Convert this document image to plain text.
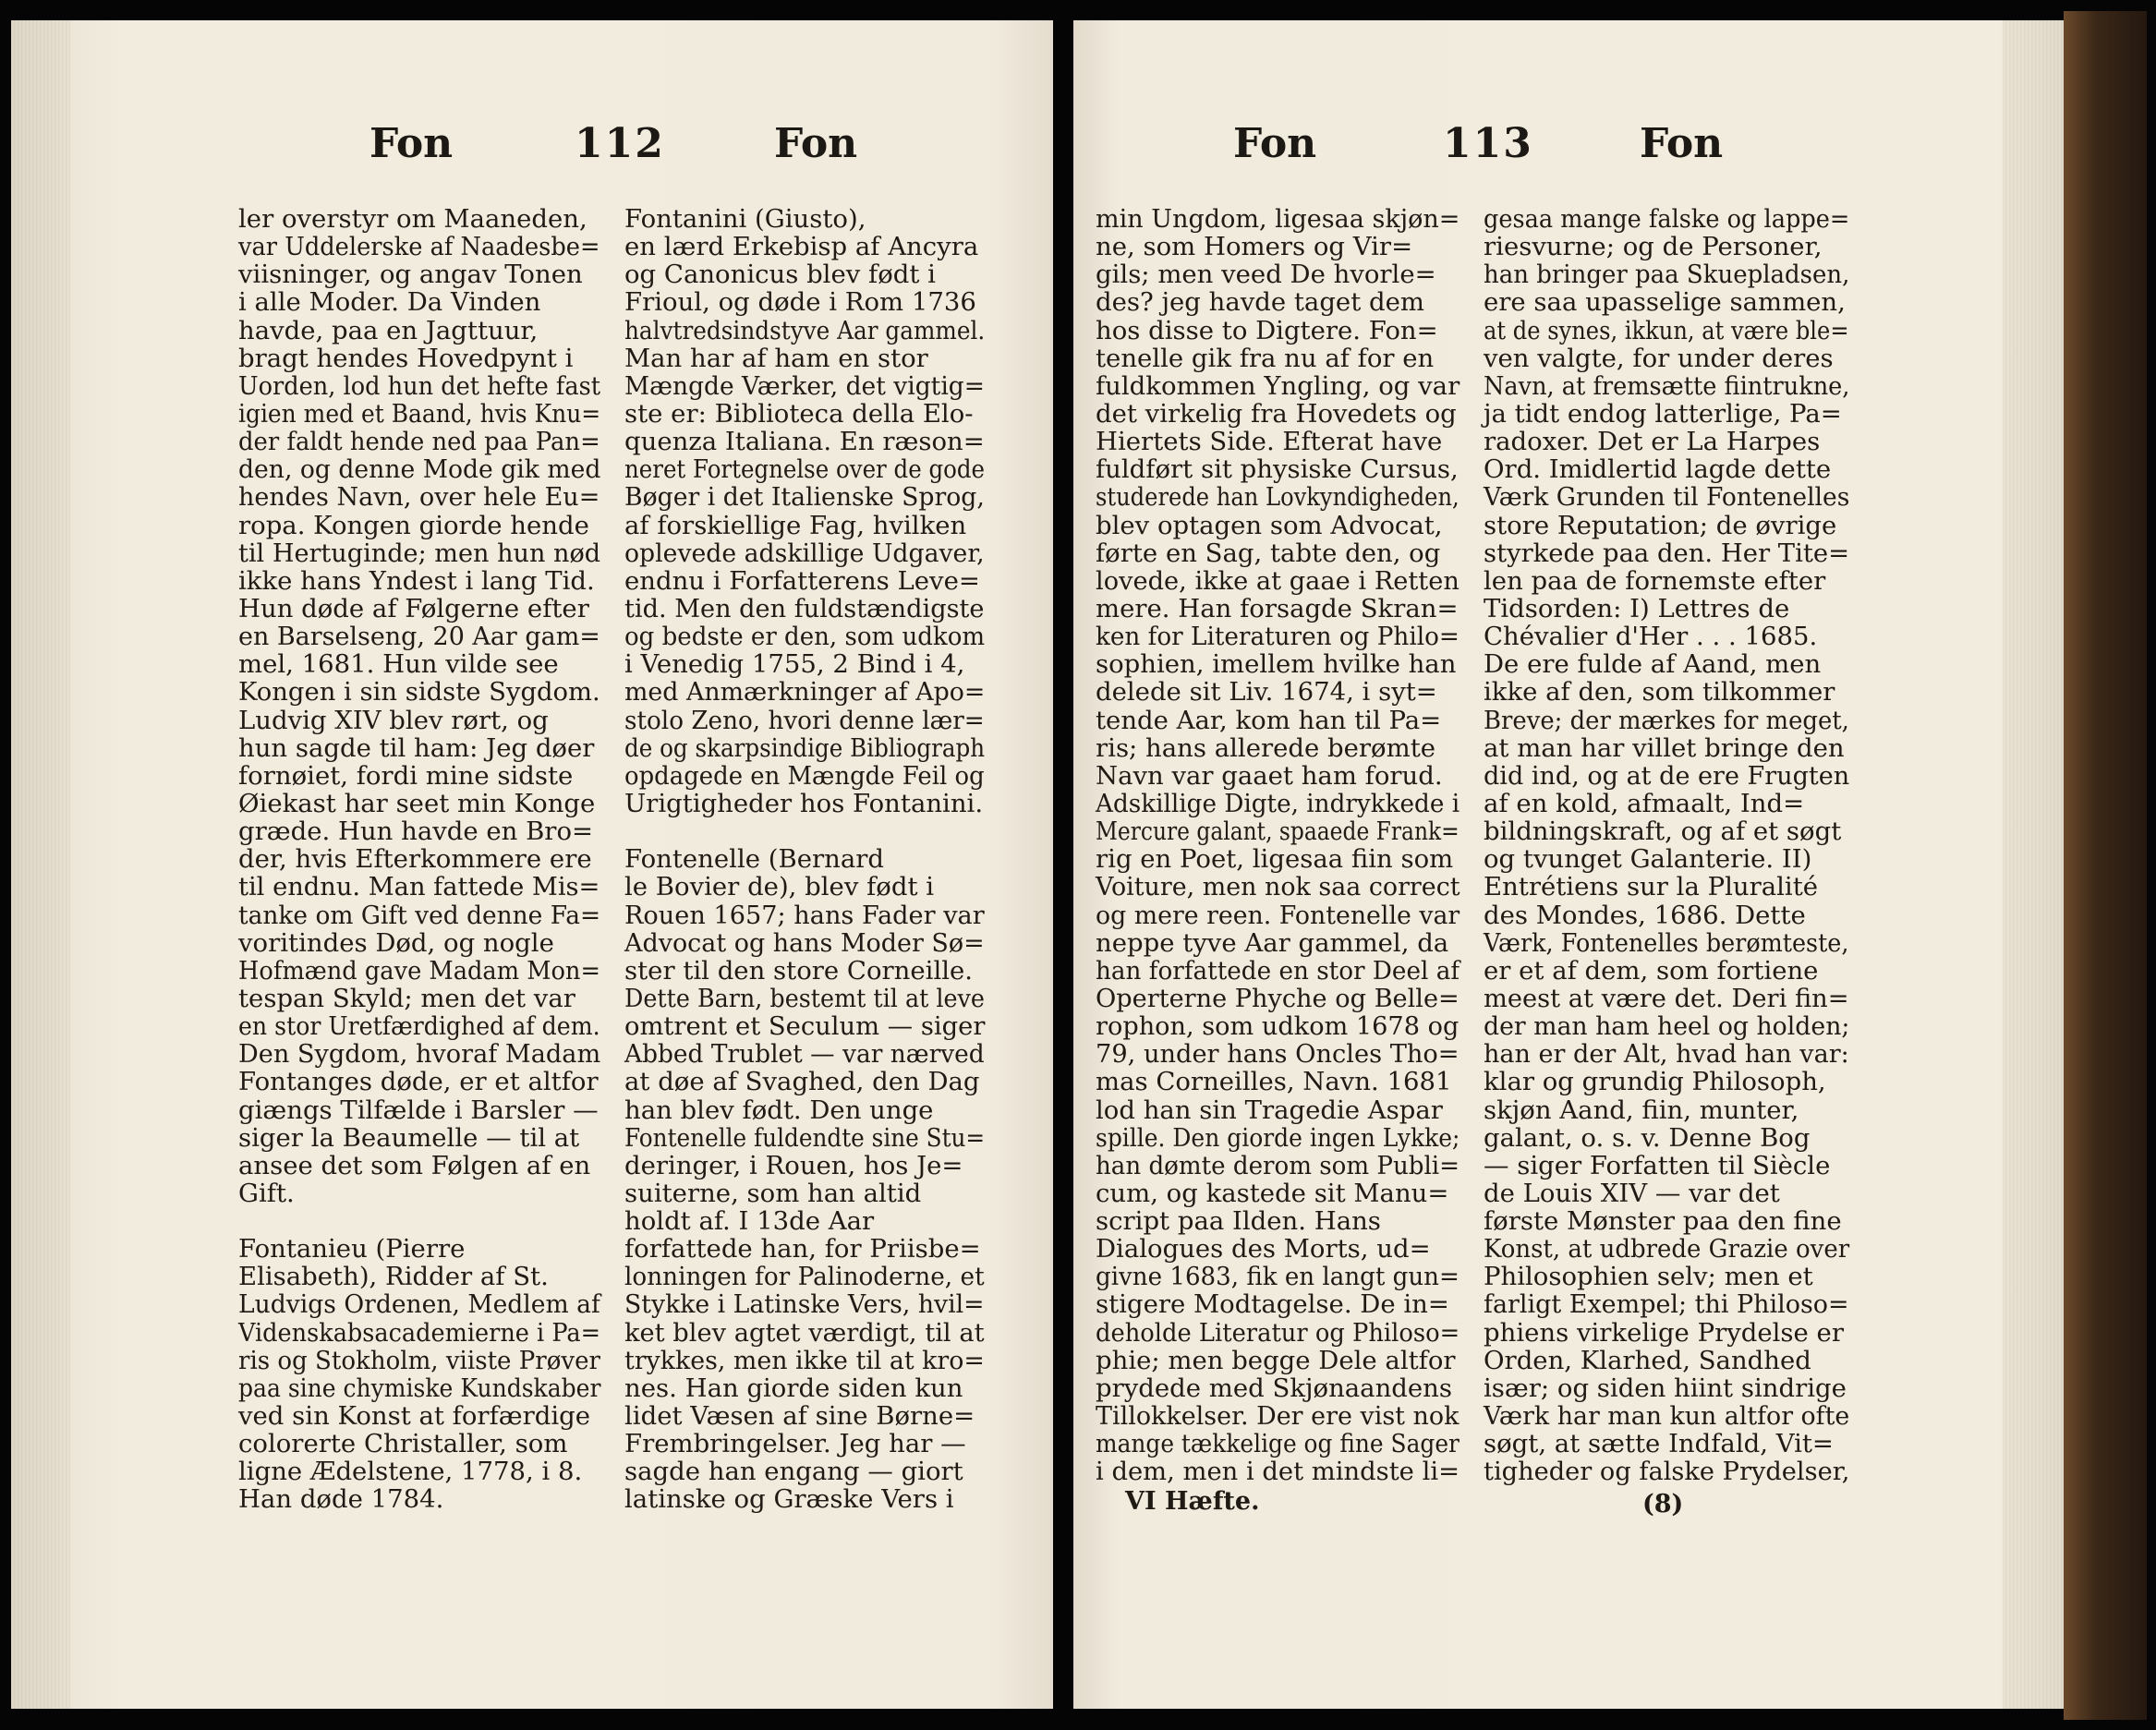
Fon	112	Fon	Fon	113	Fon
ler overstyr om Maaneden,
var Uddelerske af Naadesbe=
viisninger, og angav Tonen
i alle Moder. Da Vinden
havde, paa en Jagttuur,
bragt hendes Hovedpynt i
Uorden, lod hun det hefte fast
igien med et Baand, hvis Knu=
der faldt hende ned paa Pan=
den, og denne Mode gik med
hendes Navn, over hele Eu=
ropa. Kongen giorde hende
til Hertuginde; men hun nød
ikke hans Yndest i lang Tid.
Hun døde af Følgerne efter
en Barselseng, 20 Aar gam=
mel, 1681. Hun vilde see
Kongen i sin sidste Sygdom.
Ludvig XIV blev rørt, og
hun sagde til ham: Jeg døer
fornøiet, fordi mine sidste
Øiekast har seet min Konge
græde. Hun havde en Bro=
der, hvis Efterkommere ere
til endnu. Man fattede Mis=
tanke om Gift ved denne Fa=
voritindes Død, og nogle
Hofmænd gave Madam Mon=
tespan Skyld; men det var
en stor Uretfærdighed af dem.
Den Sygdom, hvoraf Madam
Fontanges døde, er et altfor
giængs Tilfælde i Barsler —
siger la Beaumelle — til at
ansee det som Følgen af en
Gift.
Fontanieu (Pierre
Elisabeth), Ridder af St.
Ludvigs Ordenen, Medlem af
Videnskabsacademierne i Pa=
ris og Stokholm, viiste Prøver
paa sine chymiske Kundskaber
ved sin Konst at forfærdige
colorerte Christaller, som
ligne Ædelstene, 1778, i 8.
Han døde 1784.
Fontanini (Giusto),
en lærd Erkebisp af Ancyra
og Canonicus blev født i
Frioul, og døde i Rom 1736
halvtredsindstyve Aar gammel.
Man har af ham en stor
Mængde Værker, det vigtig=
ste er: Biblioteca della Elo-
quenza Italiana. En ræson=
neret Fortegnelse over de gode
Bøger i det Italienske Sprog,
af forskiellige Fag, hvilken
oplevede adskillige Udgaver,
endnu i Forfatterens Leve=
tid. Men den fuldstændigste
og bedste er den, som udkom
i Venedig 1755, 2 Bind i 4,
med Anmærkninger af Apo=
stolo Zeno, hvori denne lær=
de og skarpsindige Bibliograph
opdagede en Mængde Feil og
Urigtigheder hos Fontanini.
Fontenelle (Bernard
le Bovier de), blev født i
Rouen 1657; hans Fader var
Advocat og hans Moder Sø=
ster til den store Corneille.
Dette Barn, bestemt til at leve
omtrent et Seculum — siger
Abbed Trublet — var nærved
at døe af Svaghed, den Dag
han blev født. Den unge
Fontenelle fuldendte sine Stu=
deringer, i Rouen, hos Je=
suiterne, som han altid
holdt af. I 13de Aar
forfattede han, for Priisbe=
lonningen for Palinoderne, et
Stykke i Latinske Vers, hvil=
ket blev agtet værdigt, til at
trykkes, men ikke til at kro=
nes. Han giorde siden kun
lidet Væsen af sine Børne=
Frembringelser. Jeg har —
sagde han engang — giort
latinske og Græske Vers i
min Ungdom, ligesaa skjøn=
ne, som Homers og Vir=
gils; men veed De hvorle=
des? jeg havde taget dem
hos disse to Digtere. Fon=
tenelle gik fra nu af for en
fuldkommen Yngling, og var
det virkelig fra Hovedets og
Hiertets Side. Efterat have
fuldført sit physiske Cursus,
studerede han Lovkyndigheden,
blev optagen som Advocat,
førte en Sag, tabte den, og
lovede, ikke at gaae i Retten
mere. Han forsagde Skran=
ken for Literaturen og Philo=
sophien, imellem hvilke han
delede sit Liv. 1674, i syt=
tende Aar, kom han til Pa=
ris; hans allerede berømte
Navn var gaaet ham forud.
Adskillige Digte, indrykkede i
Mercure galant, spaaede Frank=
rig en Poet, ligesaa fiin som
Voiture, men nok saa correct
og mere reen. Fontenelle var
neppe tyve Aar gammel, da
han forfattede en stor Deel af
Operterne Phyche og Belle=
rophon, som udkom 1678 og
79, under hans Oncles Tho=
mas Corneilles, Navn. 1681
lod han sin Tragedie Aspar
spille. Den giorde ingen Lykke;
han dømte derom som Publi=
cum, og kastede sit Manu=
script paa Ilden. Hans
Dialogues des Morts, ud=
givne 1683, fik en langt gun=
stigere Modtagelse. De in=
deholde Literatur og Philoso=
phie; men begge Dele altfor
prydede med Skjønaandens
Tillokkelser. Der ere vist nok
mange tækkelige og fine Sager
i dem, men i det mindste li=
gesaa mange falske og lappe=
riesvurne; og de Personer,
han bringer paa Skuepladsen,
ere saa upasselige sammen,
at de synes, ikkun, at være ble=
ven valgte, for under deres
Navn, at fremsætte fiintrukne,
ja tidt endog latterlige, Pa=
radoxer. Det er La Harpes
Ord. Imidlertid lagde dette
Værk Grunden til Fontenelles
store Reputation; de øvrige
styrkede paa den. Her Tite=
len paa de fornemste efter
Tidsorden: I) Lettres de
Chévalier d'Her . . . 1685.
De ere fulde af Aand, men
ikke af den, som tilkommer
Breve; der mærkes for meget,
at man har villet bringe den
did ind, og at de ere Frugten
af en kold, afmaalt, Ind=
bildningskraft, og af et søgt
og tvunget Galanterie. II)
Entrétiens sur la Pluralité
des Mondes, 1686. Dette
Værk, Fontenelles berømteste,
er et af dem, som fortiene
meest at være det. Deri fin=
der man ham heel og holden;
han er der Alt, hvad han var:
klar og grundig Philosoph,
skjøn Aand, fiin, munter,
galant, o. s. v. Denne Bog
— siger Forfatten til Siècle
de Louis XIV — var det
første Mønster paa den fine
Konst, at udbrede Grazie over
Philosophien selv; men et
farligt Exempel; thi Philoso=
phiens virkelige Prydelse er
Orden, Klarhed, Sandhed
især; og siden hiint sindrige
Værk har man kun altfor ofte
søgt, at sætte Indfald, Vit=
tigheder og falske Prydelser,
VI Hæfte.	(8)
